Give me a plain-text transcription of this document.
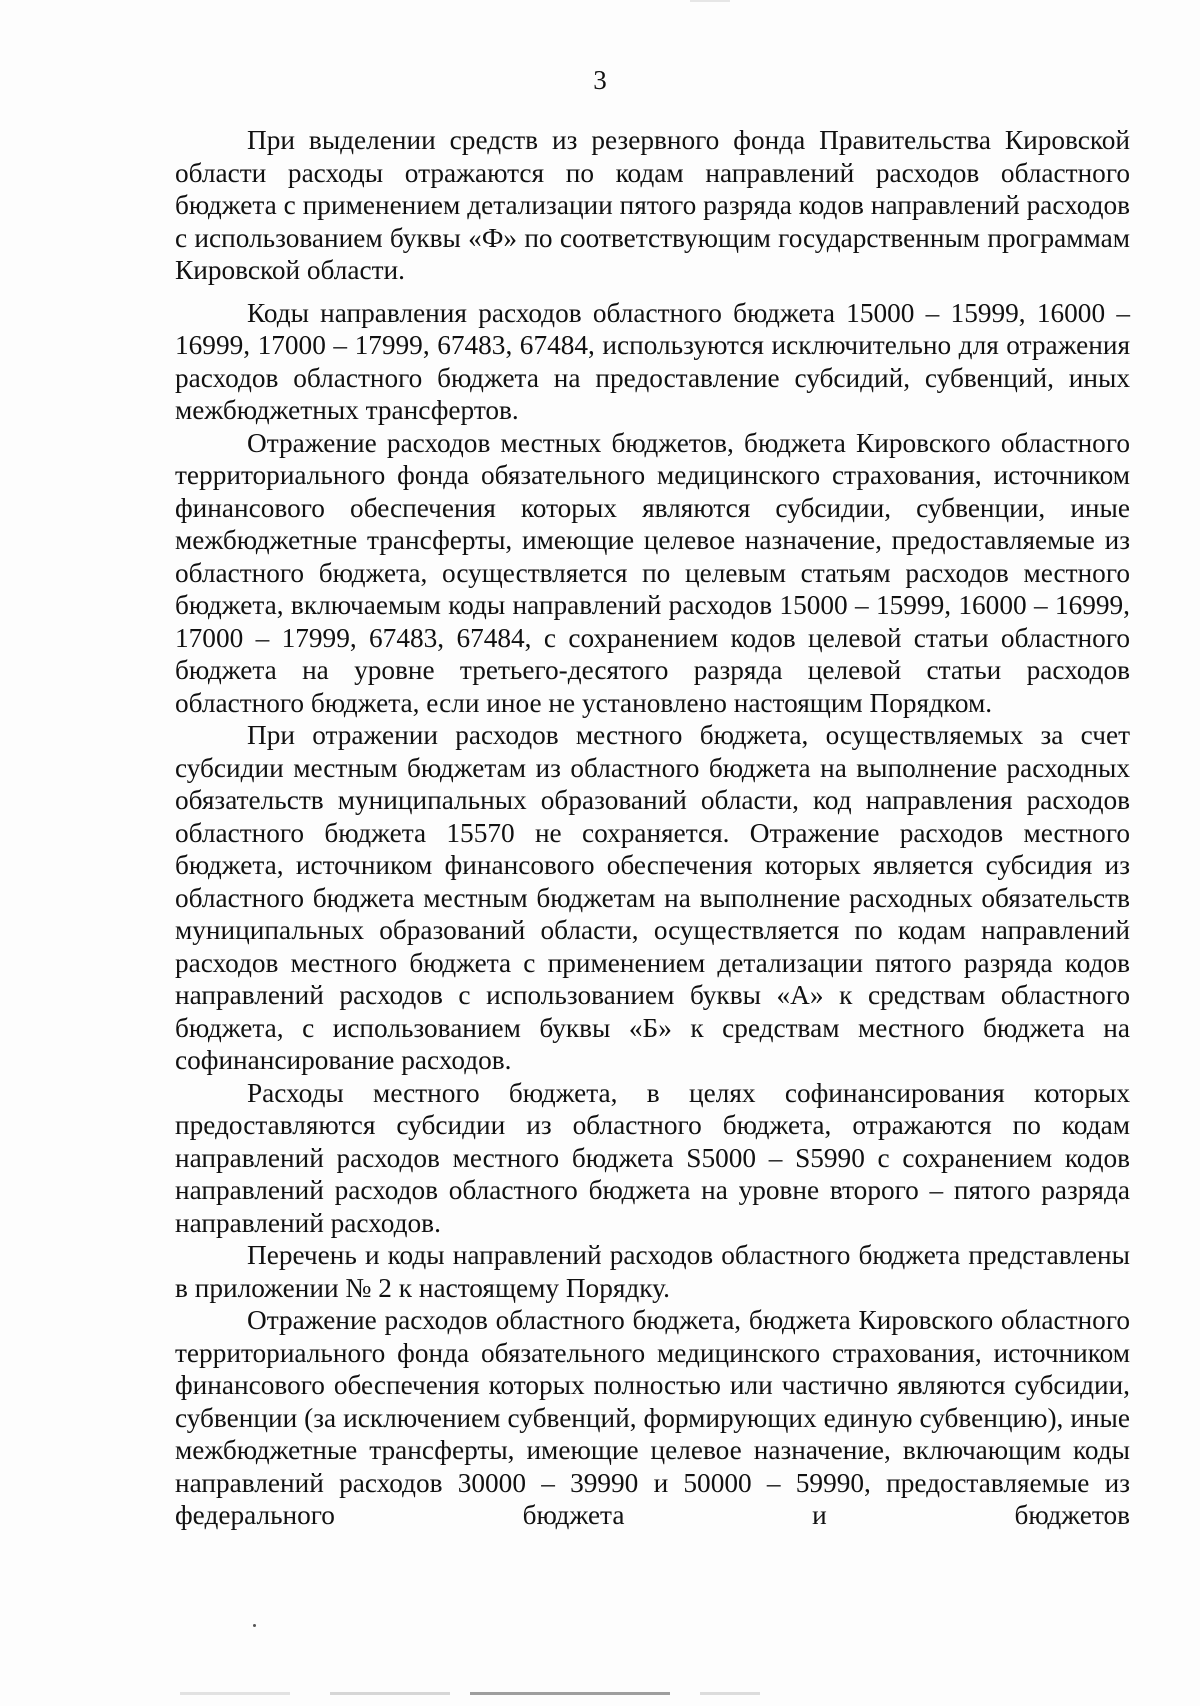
3

При выделении средств из резервного фонда Правительства Кировской области расходы отражаются по кодам направлений расходов областного бюджета с применением детализации пятого разряда кодов направлений расходов с использованием буквы «Ф» по соответствующим государственным программам Кировской области.

Коды направления расходов областного бюджета 15000 – 15999, 16000 – 16999, 17000 – 17999, 67483, 67484, используются исключительно для отражения расходов областного бюджета на предоставление субсидий, субвенций, иных межбюджетных трансфертов.

Отражение расходов местных бюджетов, бюджета Кировского областного территориального фонда обязательного медицинского страхования, источником финансового обеспечения которых являются субсидии, субвенции, иные межбюджетные трансферты, имеющие целевое назначение, предоставляемые из областного бюджета, осуществляется по целевым статьям расходов местного бюджета, включаемым коды направлений расходов 15000 – 15999, 16000 – 16999, 17000 – 17999, 67483, 67484, с сохранением кодов целевой статьи областного бюджета на уровне третьего-десятого разряда целевой статьи расходов областного бюджета, если иное не установлено настоящим Порядком.

При отражении расходов местного бюджета, осуществляемых за счет субсидии местным бюджетам из областного бюджета на выполнение расходных обязательств муниципальных образований области, код направления расходов областного бюджета 15570 не сохраняется. Отражение расходов местного бюджета, источником финансового обеспечения которых является субсидия из областного бюджета местным бюджетам на выполнение расходных обязательств муниципальных образований области, осуществляется по кодам направлений расходов местного бюджета с применением детализации пятого разряда кодов направлений расходов с использованием буквы «А» к средствам областного бюджета, с использованием буквы «Б» к средствам местного бюджета на софинансирование расходов.

Расходы местного бюджета, в целях софинансирования которых предоставляются субсидии из областного бюджета, отражаются по кодам направлений расходов местного бюджета S5000 – S5990 с сохранением кодов направлений расходов областного бюджета на уровне второго – пятого разряда направлений расходов.

Перечень и коды направлений расходов областного бюджета представлены в приложении № 2 к настоящему Порядку.

Отражение расходов областного бюджета, бюджета Кировского областного территориального фонда обязательного медицинского страхования, источником финансового обеспечения которых полностью или частично являются субсидии, субвенции (за исключением субвенций, формирующих единую субвенцию), иные межбюджетные трансферты, имеющие целевое назначение, включающим коды направлений расходов 30000 – 39990 и 50000 – 59990, предоставляемые из федерального бюджета и бюджетов
